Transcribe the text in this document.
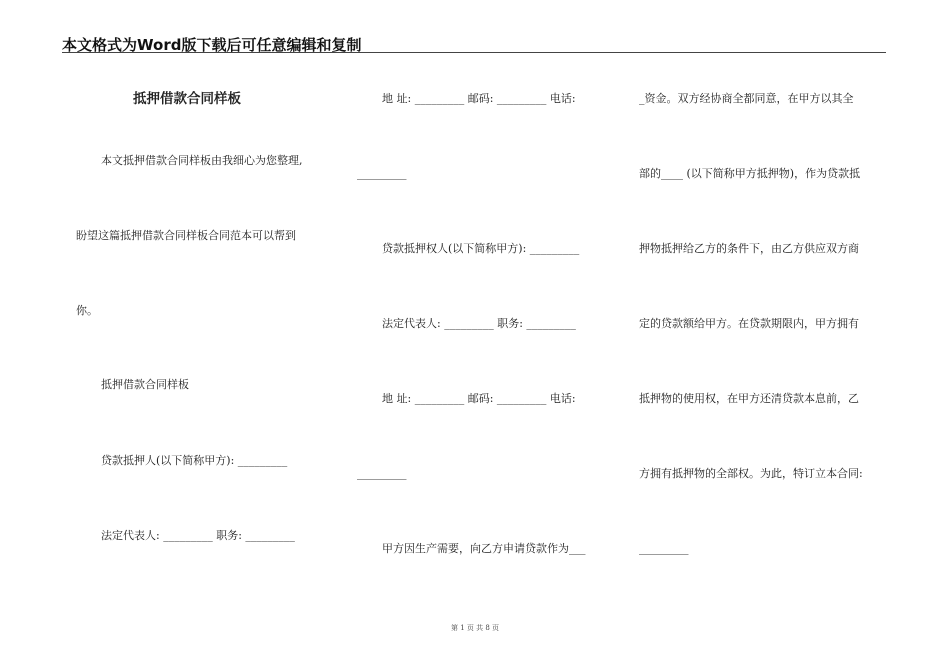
本文格式为Word版下载后可任意编辑和复制
抵押借款合同样板
本文抵押借款合同样板由我细心为您整理,
盼望这篇抵押借款合同样板合同范本可以帮到
你。
抵押借款合同样板
贷款抵押人(以下简称甲方): _________
法定代表人: _________ 职务: _________
地 址: _________ 邮码: _________ 电话:
_________
贷款抵押权人(以下简称甲方): _________
法定代表人: _________ 职务: _________
地 址: _________ 邮码: _________ 电话:
_________
甲方因生产需要，向乙方申请贷款作为___
_资金。双方经协商全都同意，在甲方以其全
部的____ (以下简称甲方抵押物)，作为贷款抵
押物抵押给乙方的条件下，由乙方供应双方商
定的贷款额给甲方。在贷款期限内，甲方拥有
抵押物的使用权，在甲方还清贷款本息前，乙
方拥有抵押物的全部权。为此，特订立本合同:
_________
第 1 页 共 8 页
